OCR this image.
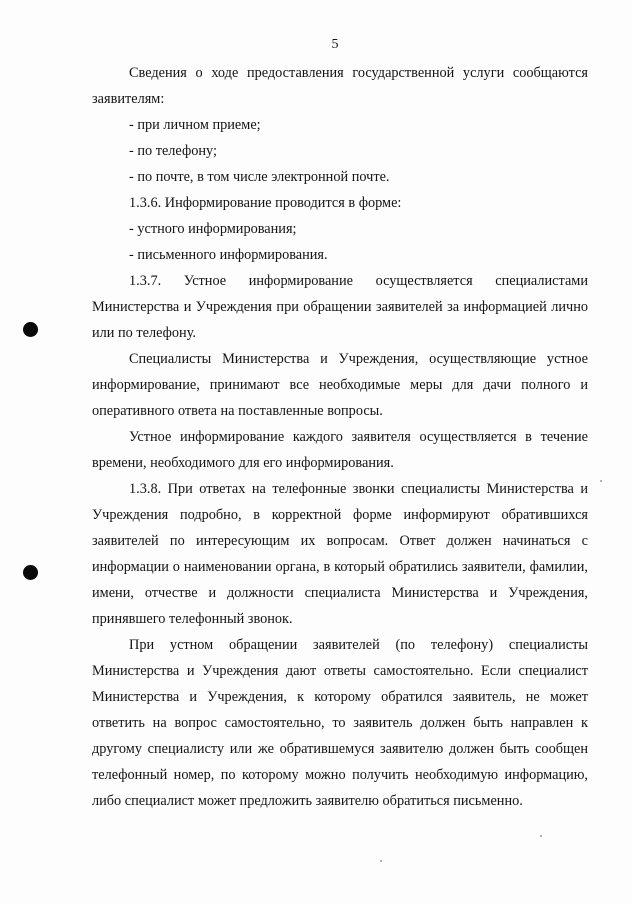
5

Сведения о ходе предоставления государственной услуги сообщаются заявителям:

- при личном приеме;

- по телефону;

- по почте, в том числе электронной почте.

1.3.6. Информирование проводится в форме:

- устного информирования;

- письменного информирования.

1.3.7. Устное информирование осуществляется специалистами Министерства и Учреждения при обращении заявителей за информацией лично или по телефону.

Специалисты Министерства и Учреждения, осуществляющие устное информирование, принимают все необходимые меры для дачи полного и оперативного ответа на поставленные вопросы.

Устное информирование каждого заявителя осуществляется в течение времени, необходимого для его информирования.

1.3.8. При ответах на телефонные звонки специалисты Министерства и Учреждения подробно, в корректной форме информируют обратившихся заявителей по интересующим их вопросам. Ответ должен начинаться с информации о наименовании органа, в который обратились заявители, фамилии, имени, отчестве и должности специалиста Министерства и Учреждения, принявшего телефонный звонок.

При устном обращении заявителей (по телефону) специалисты Министерства и Учреждения дают ответы самостоятельно. Если специалист Министерства и Учреждения, к которому обратился заявитель, не может ответить на вопрос самостоятельно, то заявитель должен быть направлен к другому специалисту или же обратившемуся заявителю должен быть сообщен телефонный номер, по которому можно получить необходимую информацию, либо специалист может предложить заявителю обратиться письменно.
